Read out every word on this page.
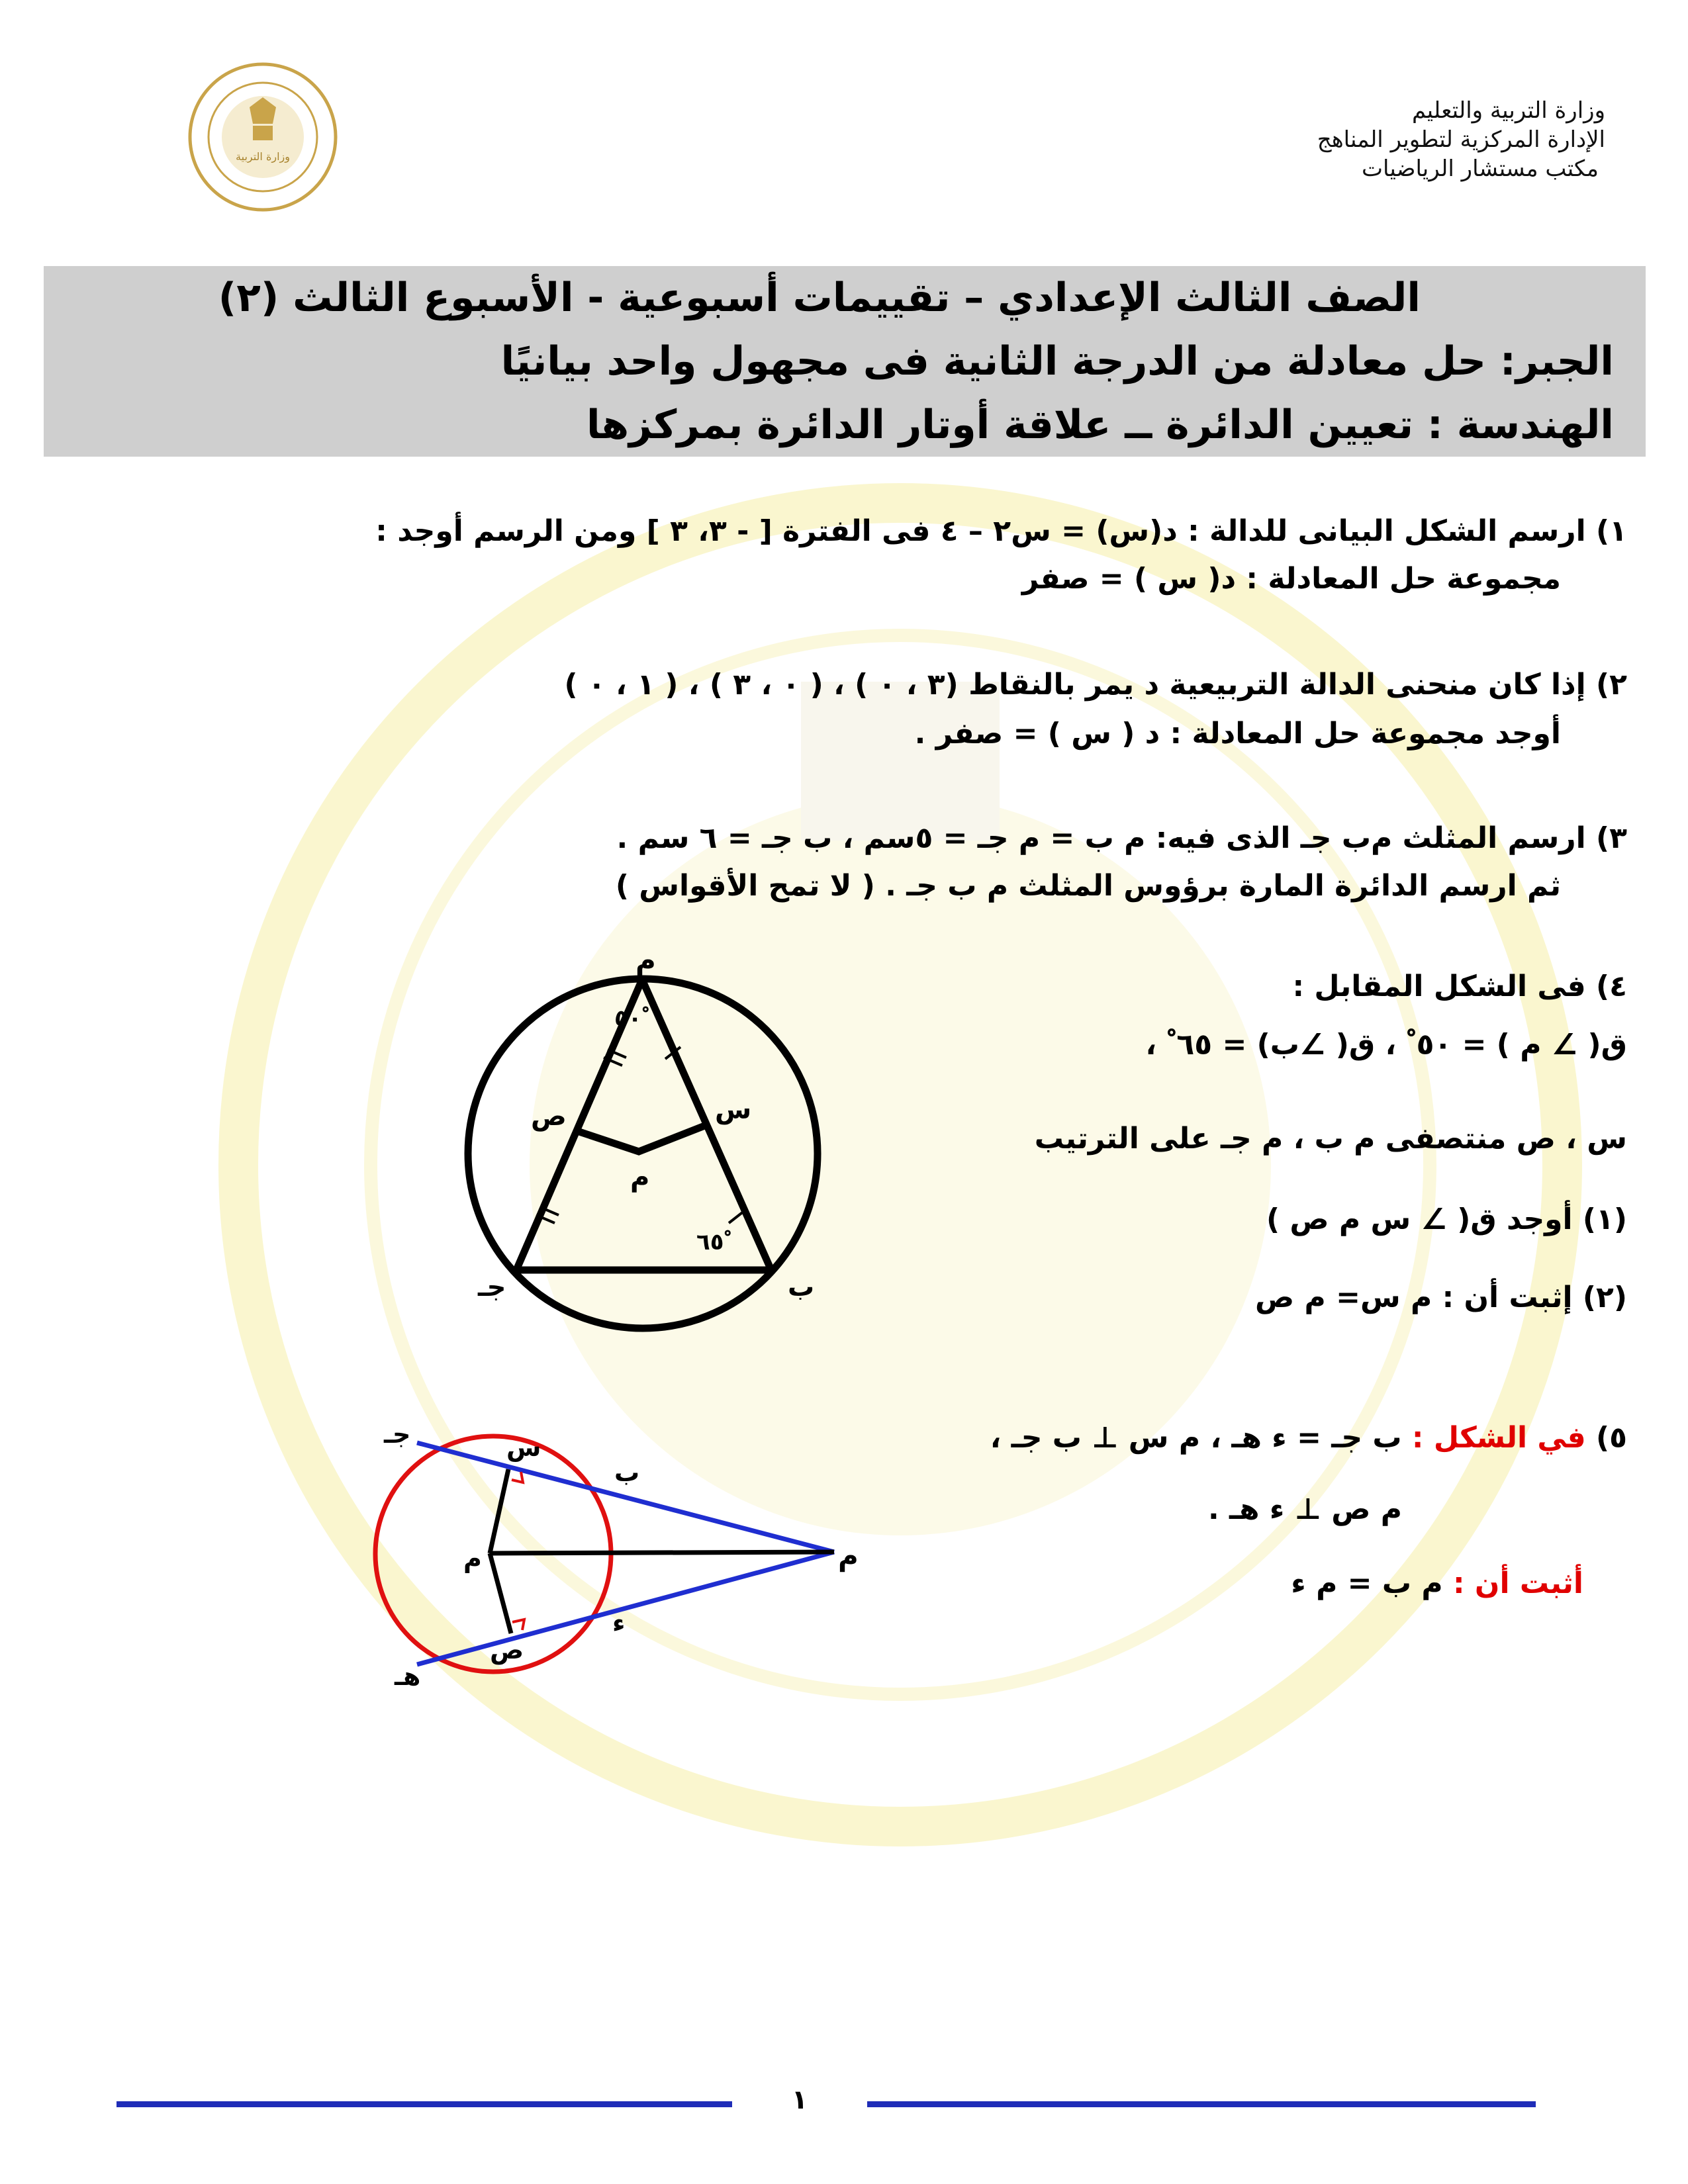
وزارة التربية
وزارة التربية والتعليم
الإدارة المركزية لتطوير المناهج
مكتب مستشار الرياضيات
الصف الثالث الإعدادي – تقييمات أسبوعية - الأسبوع الثالث (٢)
الجبر: حل معادلة من الدرجة الثانية فى مجهول واحد بيانيًا
الهندسة : تعيين الدائرة ــ علاقة أوتار الدائرة بمركزها
١) ارسم الشكل البيانى للدالة : د(س) = س٢ – ٤ فى الفترة [ - ٣، ٣ ] ومن الرسم أوجد :
مجموعة حل المعادلة : د( س ) = صفر
٢) إذا كان منحنى الدالة التربيعية د يمر بالنقاط (٣ ، ٠ ) ، ( ٠ ، ٣ ) ، ( ١ ، ٠ )
أوجد مجموعة حل المعادلة : د ( س ) = صفر .
٣) ارسم المثلث ﻡب جـ الذى فيه: ﻡ ب = ﻡ جـ = ٥سم ، ب جـ = ٦ سم .
ثم ارسم الدائرة المارة برؤوس المثلث ﻡ ب جـ . ( لا تمح الأقواس )
٤) فى الشكل المقابل :
ق( ∠ ﻡ ) = ٥٠ ْ ، ق( ∠ب) = ٦٥ ْ ،
س ، ص منتصفى ﻡ ب ، ﻡ جـ على الترتيب
(١) أوجد ق( ∠ س م ص )
(٢) إثبت أن : م س= م ص
ﻡ
ب
جـ
س
ص
م
٥٠ ْ
٦٥ ْ
٥) في الشكل : ب جـ = ء هـ ، م س ⊥ ب جـ ،
م ص ⊥ ء هـ .
أثبت أن : ﻡ ب = ﻡ ء
جـ	س
ب
م	ﻡ
ء
ص
هـ
١
